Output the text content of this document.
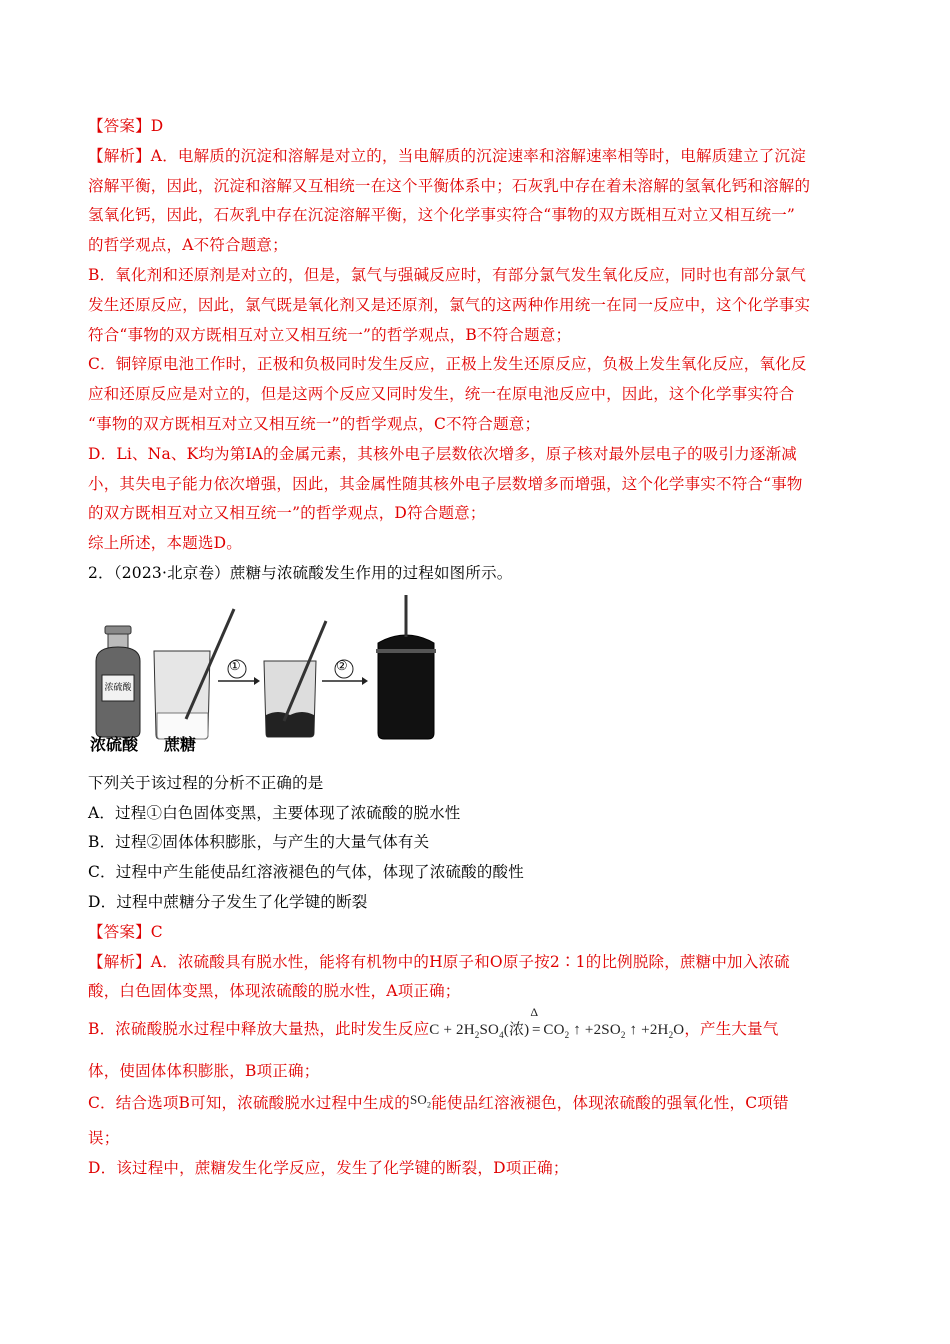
【答案】D
【解析】A．电解质的沉淀和溶解是对立的，当电解质的沉淀速率和溶解速率相等时，电解质建立了沉淀
溶解平衡，因此，沉淀和溶解又互相统一在这个平衡体系中；石灰乳中存在着未溶解的氢氧化钙和溶解的
氢氧化钙，因此，石灰乳中存在沉淀溶解平衡，这个化学事实符合“事物的双方既相互对立又相互统一”
的哲学观点，A不符合题意；
B．氧化剂和还原剂是对立的，但是，氯气与强碱反应时，有部分氯气发生氧化反应，同时也有部分氯气
发生还原反应，因此，氯气既是氧化剂又是还原剂，氯气的这两种作用统一在同一反应中，这个化学事实
符合“事物的双方既相互对立又相互统一”的哲学观点，B不符合题意；
C．铜锌原电池工作时，正极和负极同时发生反应，正极上发生还原反应，负极上发生氧化反应，氧化反
应和还原反应是对立的，但是这两个反应又同时发生，统一在原电池反应中，因此，这个化学事实符合
“事物的双方既相互对立又相互统一”的哲学观点，C不符合题意；
D．Li、Na、K均为第ⅠA的金属元素，其核外电子层数依次增多，原子核对最外层电子的吸引力逐渐减
小，其失电子能力依次增强，因此，其金属性随其核外电子层数增多而增强，这个化学事实不符合“事物
的双方既相互对立又相互统一”的哲学观点，D符合题意；
综上所述，本题选D。
2．（2023·北京卷）蔗糖与浓硫酸发生作用的过程如图所示。
浓硫酸 蔗糖
浓硫酸
①	②
下列关于该过程的分析不正确的是
A．过程①白色固体变黑，主要体现了浓硫酸的脱水性
B．过程②固体体积膨胀，与产生的大量气体有关
C．过程中产生能使品红溶液褪色的气体，体现了浓硫酸的酸性
D．过程中蔗糖分子发生了化学键的断裂
【答案】C
【解析】A．浓硫酸具有脱水性，能将有机物中的H原子和O原子按2∶1的比例脱除，蔗糖中加入浓硫
酸，白色固体变黑，体现浓硫酸的脱水性，A项正确；
B．浓硫酸脱水过程中释放大量热，此时发生反应$C + 2H_2SO_4$(浓)
Δ
= $CO_2$ ↑ $+2SO_2$ ↑ $+2H_2O$，产生大量气
体，使固体体积膨胀，B项正确；
C．结合选项B可知，浓硫酸脱水过程中生成的$^{SO_2}$能使品红溶液褪色，体现浓硫酸的强氧化性，C项错
误；
D．该过程中，蔗糖发生化学反应，发生了化学键的断裂，D项正确；
